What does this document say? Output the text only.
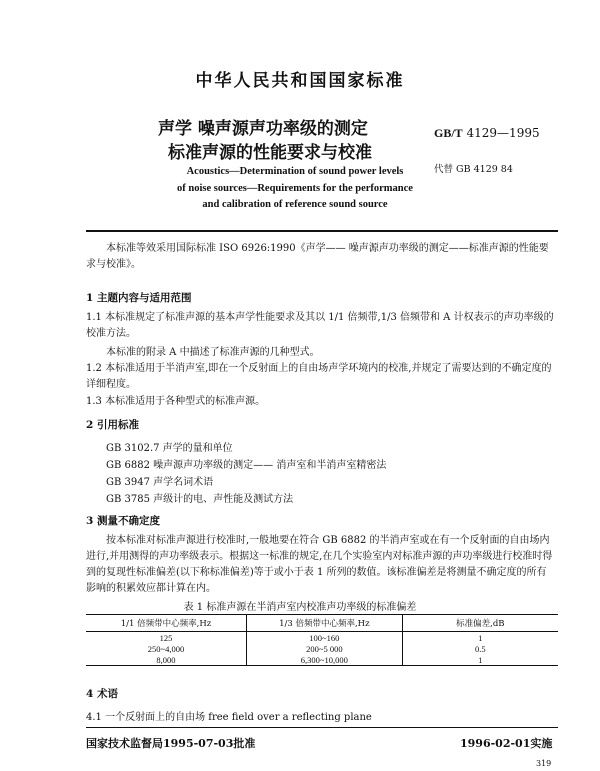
中华人民共和国国家标准
声学 噪声源声功率级的测定
标准声源的性能要求与校准
GB/T 4129—1995
代替 GB 4129 84
Acoustics—Determination of sound power levels
of noise sources—Requirements for the performance
and calibration of reference sound source
本标准等效采用国际标准 ISO 6926:1990《声学—— 噪声源声功率级的测定——标准声源的性能要求与校准》。
1 主题内容与适用范围
1.1 本标准规定了标准声源的基本声学性能要求及其以 1/1 倍频带,1/3 倍频带和 A 计权表示的声功率级的校准方法。
本标准的附录 A 中描述了标准声源的几种型式。
1.2 本标准适用于半消声室,即在一个反射面上的自由场声学环境内的校准,并规定了需要达到的不确定度的详细程度。
1.3 本标准适用于各种型式的标准声源。
2 引用标准
GB 3102.7 声学的量和单位
GB 6882 噪声源声功率级的测定—— 消声室和半消声室精密法
GB 3947 声学名词术语
GB 3785 声级计的电、声性能及测试方法
3 测量不确定度
按本标准对标准声源进行校准时,一般地要在符合 GB 6882 的半消声室或在有一个反射面的自由场内进行,并用测得的声功率级表示。根据这一标准的规定,在几个实验室内对标准声源的声功率级进行校准时得到的复现性标准偏差(以下称标准偏差)等于或小于表 1 所列的数值。该标准偏差是将测量不确定度的所有影响的积累效应都计算在内。
表 1 标准声源在半消声室内校准声功率级的标准偏差
1/1 倍频带中心频率,Hz	1/3 倍频带中心频率,Hz	标准偏差,dB
125	100~160	1
250~4,000	200~5 000	0.5
8,000	6,300~10,000	1
4 术语
4.1 一个反射面上的自由场 free field over a reflecting plane
国家技术监督局1995-07-03批准	1996-02-01实施
319
